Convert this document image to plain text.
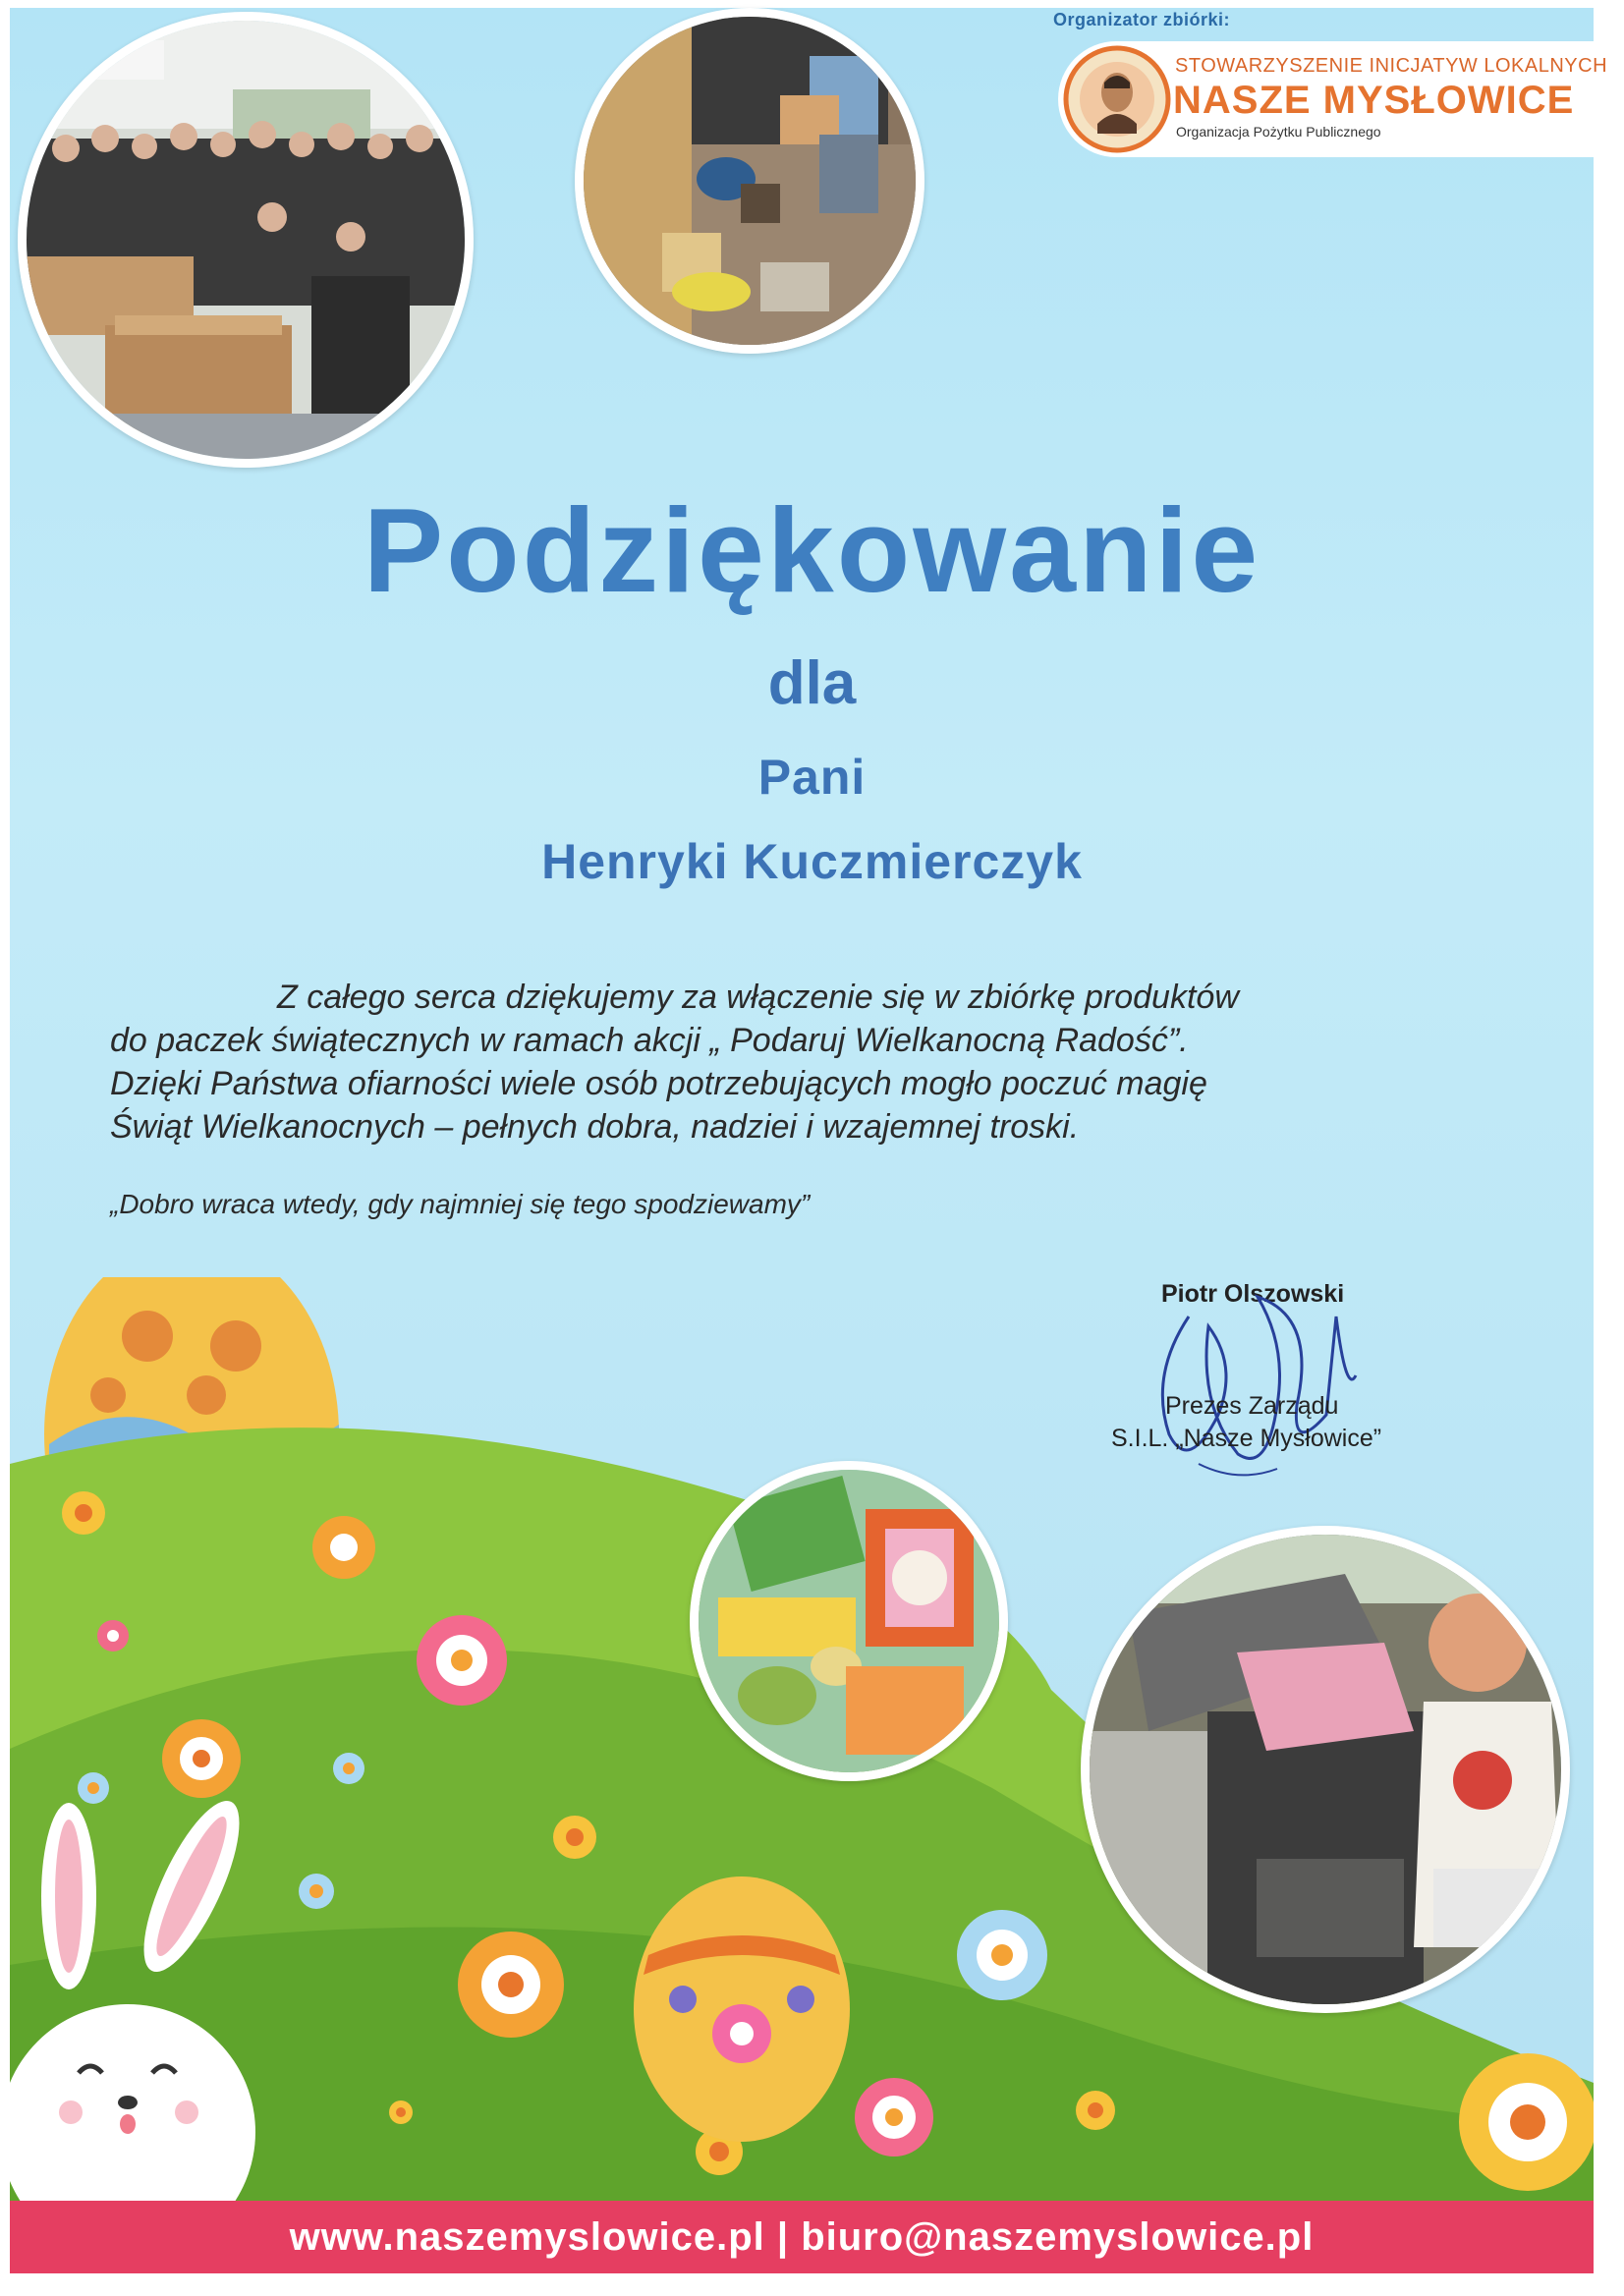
Organizator zbiórki:
STOWARZYSZENIE INICJATYW LOKALNYCH
NASZE MYSŁOWICE
Organizacja Pożytku Publicznego
Podziękowanie
dla
Pani
Henryki Kuczmierczyk

Z całego serca dziękujemy za włączenie się w zbiórkę produktów

do paczek świątecznych w ramach akcji „ Podaruj Wielkanocną Radość”.

Dzięki Państwa ofiarności wiele osób potrzebujących mogło poczuć magię

Świąt Wielkanocnych – pełnych dobra, nadziei i wzajemnej troski.

„Dobro wraca wtedy, gdy najmniej się tego spodziewamy”
Piotr Olszowski
Prezes Zarządu
S.I.L. „Nasze Mysłowice”
www.naszemyslowice.pl | biuro@naszemyslowice.pl
